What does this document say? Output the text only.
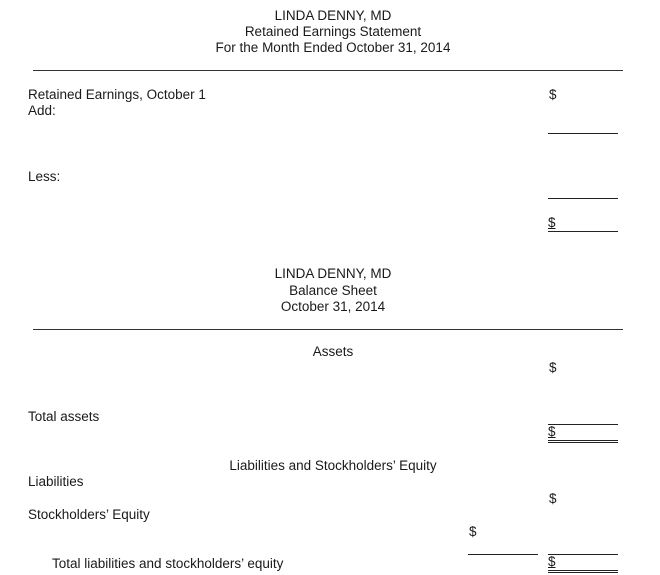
LINDA DENNY, MD
Retained Earnings Statement
For the Month Ended October 31, 2014
Retained Earnings, October 1	$
Add:
Less:
$
LINDA DENNY, MD
Balance Sheet
October 31, 2014
Assets
$
Total assets
$
Liabilities and Stockholders’ Equity
Liabilities
$
Stockholders’ Equity
$
Total liabilities and stockholders’ equity	$
